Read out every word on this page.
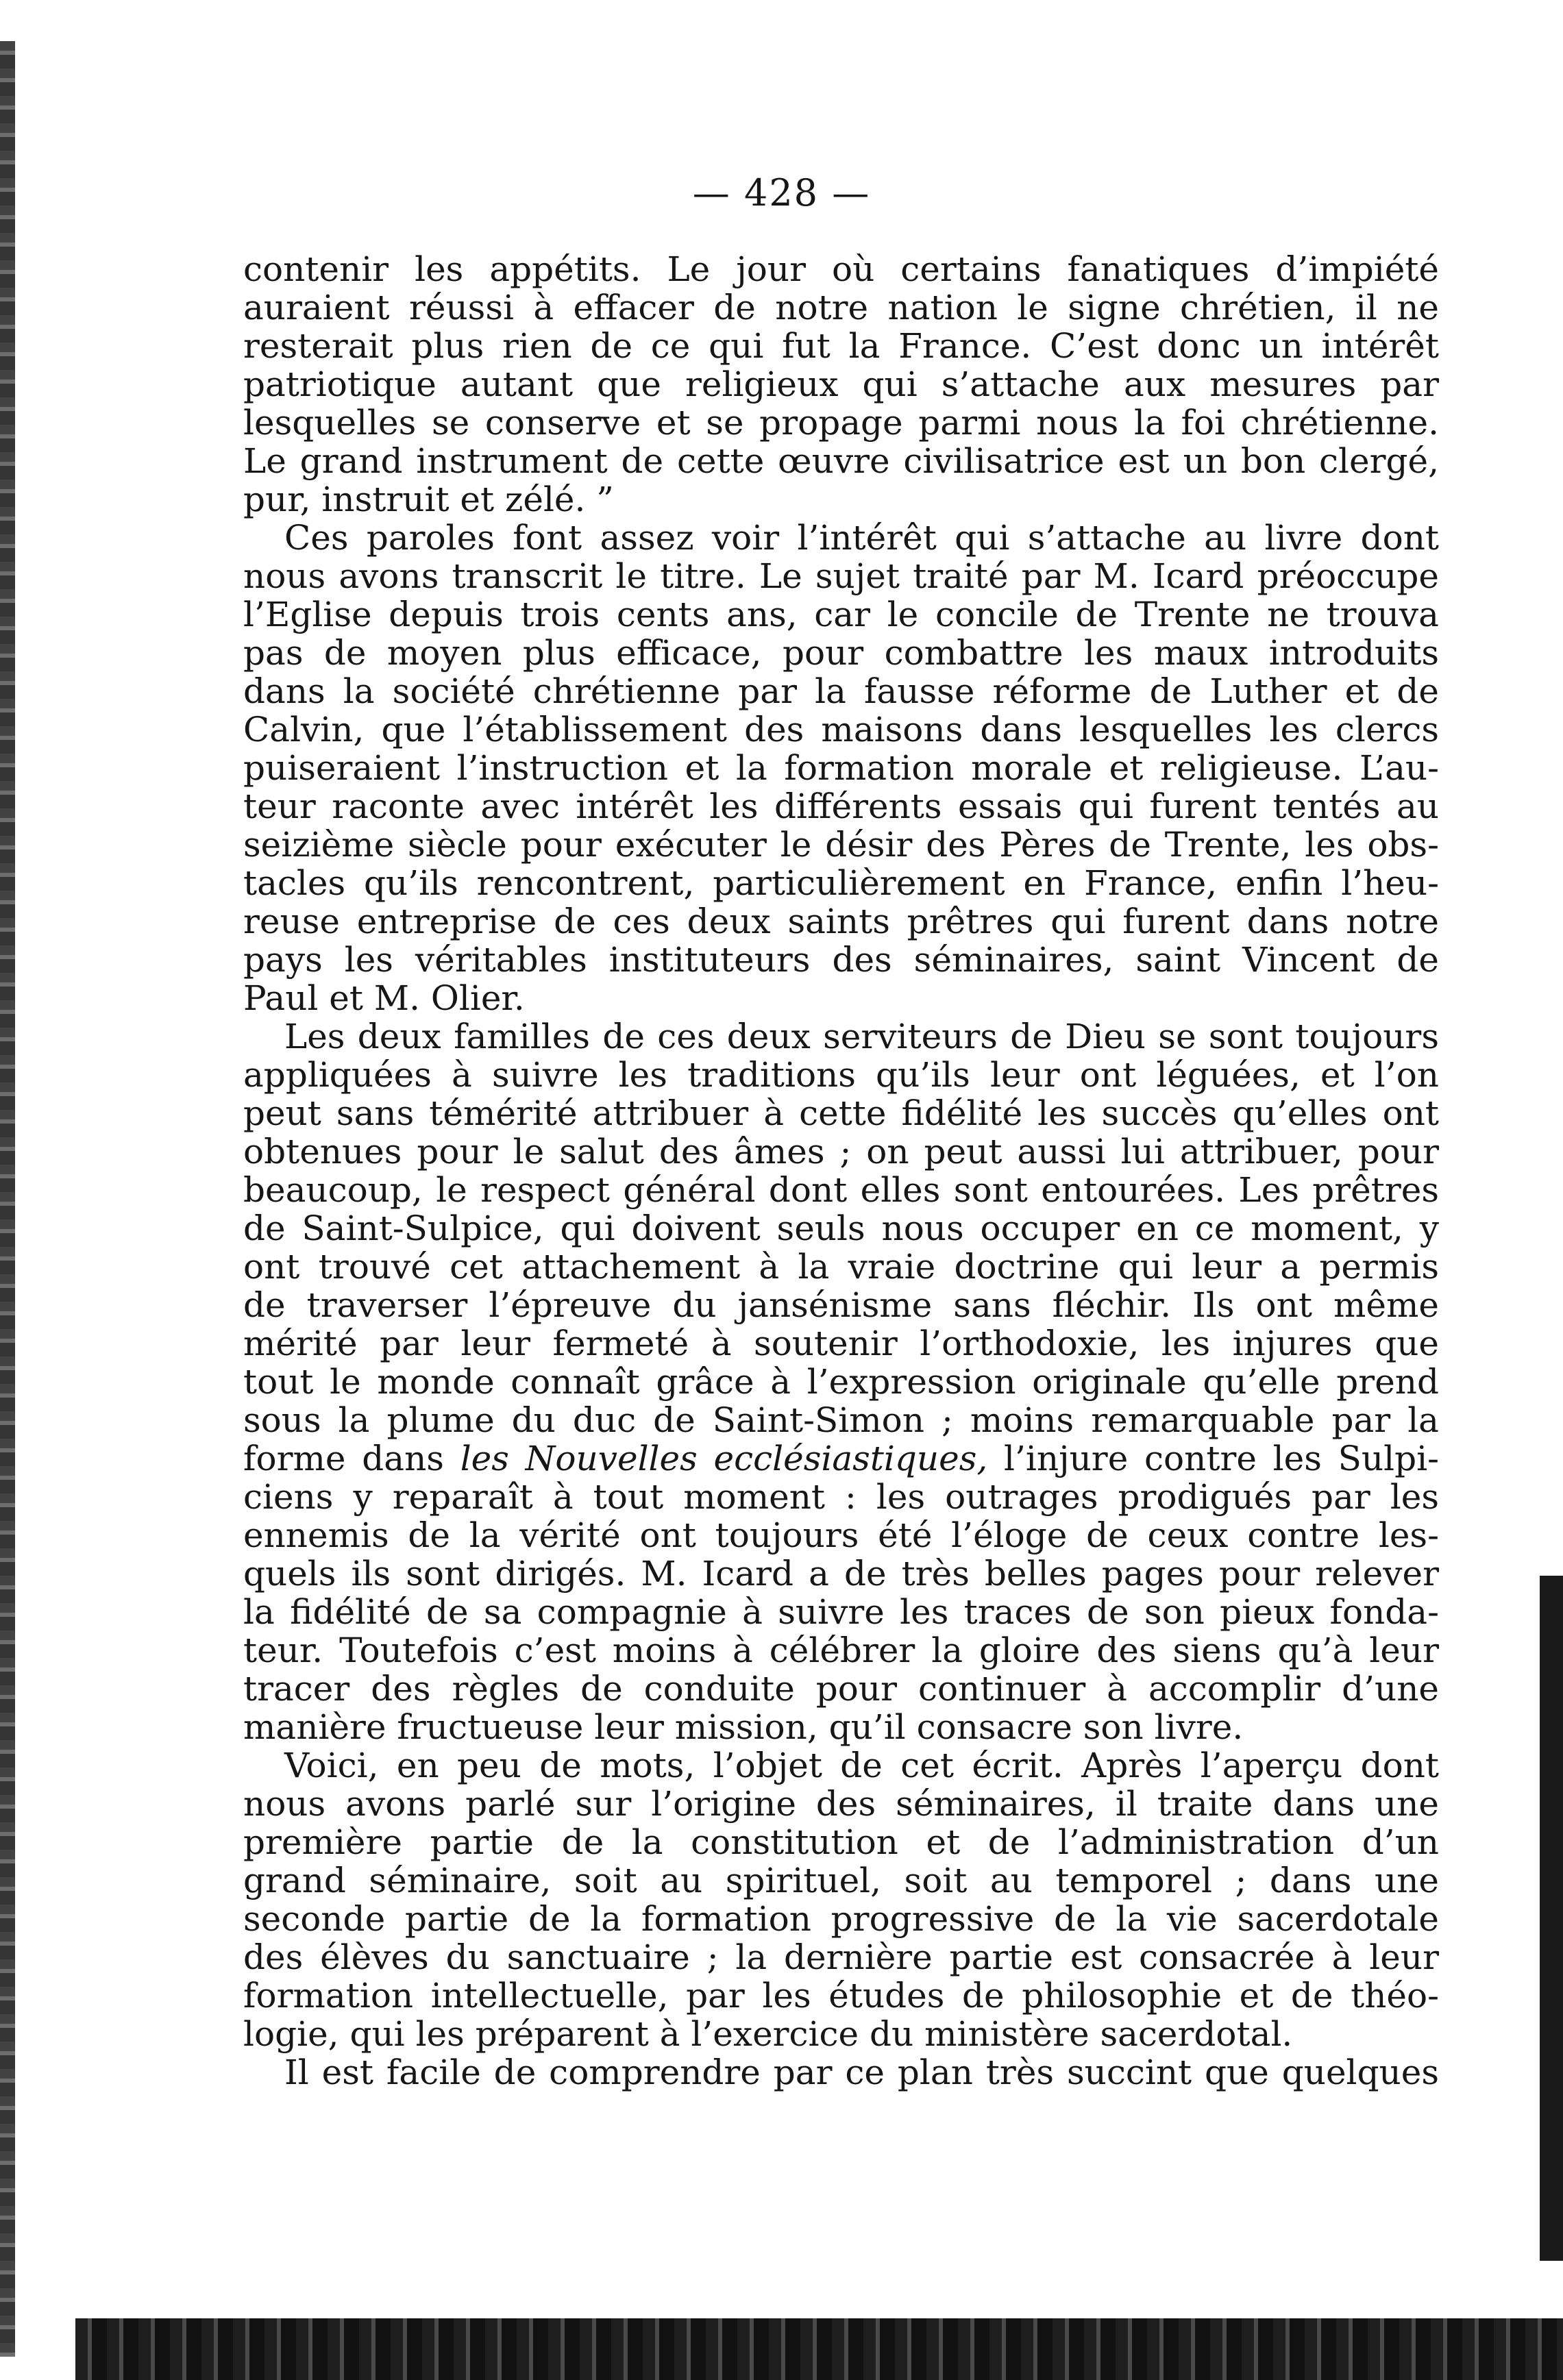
— 428 —
contenir les appétits. Le jour où certains fanatiques d’impiété
auraient réussi à effacer de notre nation le signe chrétien, il ne
resterait plus rien de ce qui fut la France. C’est donc un intérêt
patriotique autant que religieux qui s’attache aux mesures par
lesquelles se conserve et se propage parmi nous la foi chrétienne.
Le grand instrument de cette œuvre civilisatrice est un bon clergé,
pur, instruit et zélé. ”
Ces paroles font assez voir l’intérêt qui s’attache au livre dont
nous avons transcrit le titre. Le sujet traité par M. Icard préoccupe
l’Eglise depuis trois cents ans, car le concile de Trente ne trouva
pas de moyen plus efficace, pour combattre les maux introduits
dans la société chrétienne par la fausse réforme de Luther et de
Calvin, que l’établissement des maisons dans lesquelles les clercs
puiseraient l’instruction et la formation morale et religieuse. L’au-
teur raconte avec intérêt les différents essais qui furent tentés au
seizième siècle pour exécuter le désir des Pères de Trente, les obs-
tacles qu’ils rencontrent, particulièrement en France, enfin l’heu-
reuse entreprise de ces deux saints prêtres qui furent dans notre
pays les véritables instituteurs des séminaires, saint Vincent de
Paul et M. Olier.
Les deux familles de ces deux serviteurs de Dieu se sont toujours
appliquées à suivre les traditions qu’ils leur ont léguées, et l’on
peut sans témérité attribuer à cette fidélité les succès qu’elles ont
obtenues pour le salut des âmes ; on peut aussi lui attribuer, pour
beaucoup, le respect général dont elles sont entourées. Les prêtres
de Saint-Sulpice, qui doivent seuls nous occuper en ce moment, y
ont trouvé cet attachement à la vraie doctrine qui leur a permis
de traverser l’épreuve du jansénisme sans fléchir. Ils ont même
mérité par leur fermeté à soutenir l’orthodoxie, les injures que
tout le monde connaît grâce à l’expression originale qu’elle prend
sous la plume du duc de Saint-Simon ; moins remarquable par la
forme dans les Nouvelles ecclésiastiques, l’injure contre les Sulpi-
ciens y reparaît à tout moment : les outrages prodigués par les
ennemis de la vérité ont toujours été l’éloge de ceux contre les-
quels ils sont dirigés. M. Icard a de très belles pages pour relever
la fidélité de sa compagnie à suivre les traces de son pieux fonda-
teur. Toutefois c’est moins à célébrer la gloire des siens qu’à leur
tracer des règles de conduite pour continuer à accomplir d’une
manière fructueuse leur mission, qu’il consacre son livre.
Voici, en peu de mots, l’objet de cet écrit. Après l’aperçu dont
nous avons parlé sur l’origine des séminaires, il traite dans une
première partie de la constitution et de l’administration d’un
grand séminaire, soit au spirituel, soit au temporel ; dans une
seconde partie de la formation progressive de la vie sacerdotale
des élèves du sanctuaire ; la dernière partie est consacrée à leur
formation intellectuelle, par les études de philosophie et de théo-
logie, qui les préparent à l’exercice du ministère sacerdotal.
Il est facile de comprendre par ce plan très succint que quelques
